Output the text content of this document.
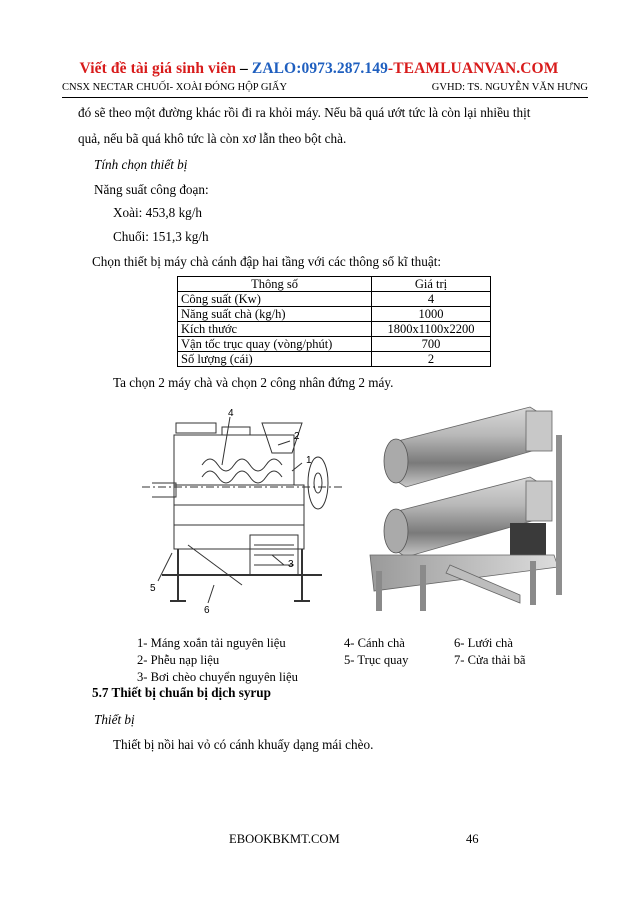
Viết đề tài giá sinh viên – ZALO:0973.287.149-TEAMLUANVAN.COM
CNSX NECTAR CHUỐI- XOÀI ĐÓNG HỘP GIẤY	GVHD: TS. NGUYỄN VĂN HƯNG
đó sẽ theo một đường khác rồi đi ra khỏi máy. Nếu bã quá ướt tức là còn lại nhiều thịt
quả, nếu bã quá khô tức là còn xơ lẫn theo bột chà.
Tính chọn thiết bị
Năng suất công đoạn:
Xoài: 453,8 kg/h
Chuối: 151,3 kg/h
Chọn thiết bị máy chà cánh đập hai tầng với các thông số kĩ thuật:
Thông số	Giá trị
Công suất (Kw)	4
Năng suất chà (kg/h)	1000
Kích thước	1800x1100x2200
Vận tốc trục quay (vòng/phút)	700
Số lượng (cái)	2
Ta chọn 2 máy chà và chọn 2 công nhân đứng 2 máy.
4
2
1
5
3
6
1- Máng xoắn tải nguyên liệu
2- Phễu nạp liệu
3- Bơi chèo chuyển nguyên liệu
4- Cánh chà
5- Trục quay
6- Lưới chà
7- Cửa thải bã
5.7 Thiết bị chuẩn bị dịch syrup
Thiết bị
Thiết bị nồi hai vỏ có cánh khuấy dạng mái chèo.
EBOOKBKMT.COM	46
